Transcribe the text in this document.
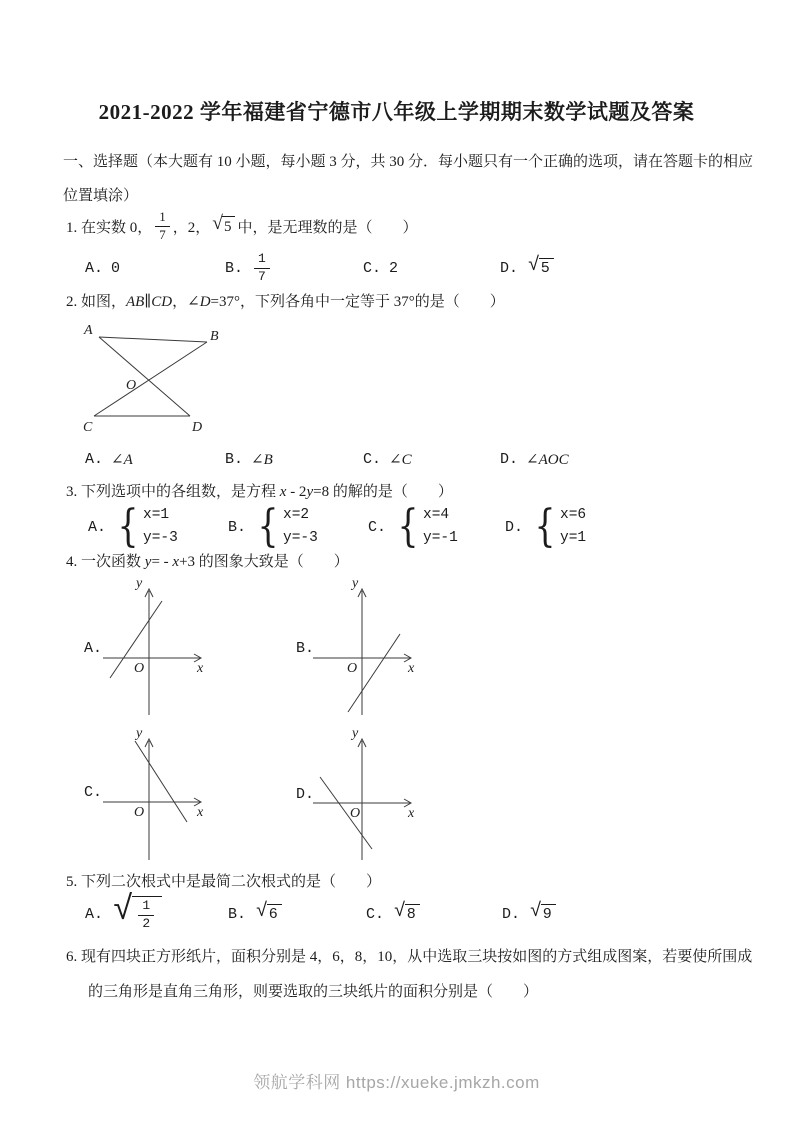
2021-2022 学年福建省宁德市八年级上学期期末数学试题及答案
一、选择题（本大题有 10 小题，每小题 3 分，共 30 分．每小题只有一个正确的选项，请在答题卡的相应
位置填涂）
1. 在实数 0， $\frac{1}{7}$ ，2， √ 5 中，是无理数的是（　　）
A. 0	B. $\frac{1}{7}$	C. 2	D. √ 5
2. 如图，AB∥CD，∠D=37°，下列各角中一定等于 37°的是（　　）
A	B
C	D
O
A. ∠A	B. ∠B	C. ∠C	D. ∠AOC
3. 下列选项中的各组数，是方程 x - 2y=8 的解的是（　　）
A. { x=1
y=-3
B. { x=2
y=-3
C. { x=4
y=-1
D. { x=6
y=1
4. 一次函数 y= - x+3 的图象大致是（　　）
A.
y
x
O
B.
y
x
O
C.
y
x
O
D.
y
x
O
5. 下列二次根式中是最简二次根式的是（　　）
A. √ $\frac{1}{2}$	B. √ 6	C. √ 8	D. √ 9
6. 现有四块正方形纸片，面积分别是 4，6，8，10，从中选取三块按如图的方式组成图案，若要使所围成
的三角形是直角三角形，则要选取的三块纸片的面积分别是（　　）
领航学科网 https://xueke.jmkzh.com
